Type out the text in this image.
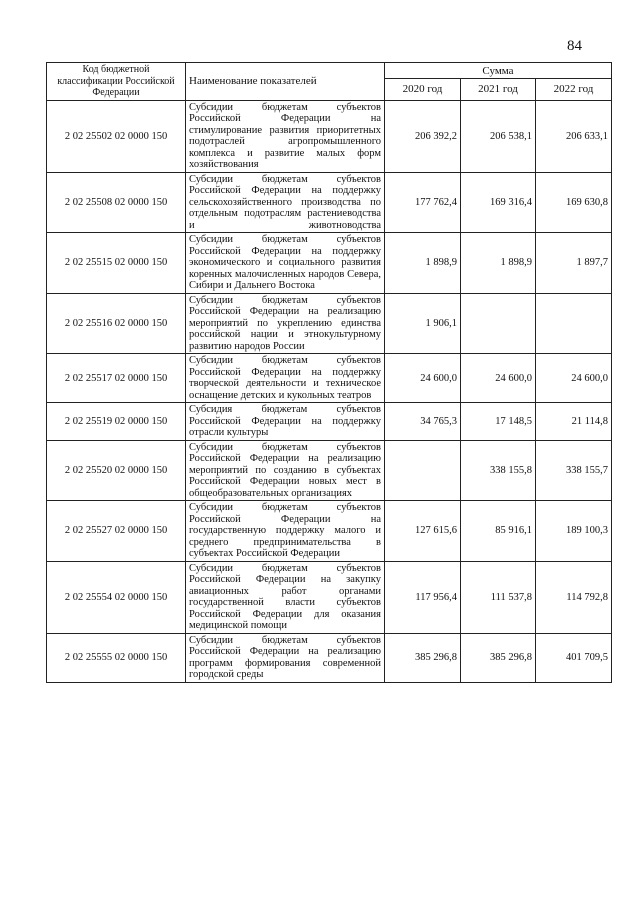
84
Код бюджетной классификации Российской Федерации	Наименование показателей	Сумма		
		2020 год	2021 год	2022 год
2 02 25502 02 0000 150	Субсидии бюджетам субъектов Российской Федерации на стимулирование развития приоритетных подотраслей агропромышленного комплекса и развитие малых форм хозяйствования	206 392,2	206 538,1	206 633,1
2 02 25508 02 0000 150	Субсидии бюджетам субъектов Российской Федерации на поддержку сельскохозяйственного производства по отдельным подотраслям растениеводства и животноводства	177 762,4	169 316,4	169 630,8
2 02 25515 02 0000 150	Субсидии бюджетам субъектов Российской Федерации на поддержку экономического и социального развития коренных малочисленных народов Севера, Сибири и Дальнего Востока	1 898,9	1 898,9	1 897,7
2 02 25516 02 0000 150	Субсидии бюджетам субъектов Российской Федерации на реализацию мероприятий по укреплению единства российской нации и этнокультурному развитию народов России	1 906,1		
2 02 25517 02 0000 150	Субсидии бюджетам субъектов Российской Федерации на поддержку творческой деятельности и техническое оснащение детских и кукольных театров	24 600,0	24 600,0	24 600,0
2 02 25519 02 0000 150	Субсидия бюджетам субъектов Российской Федерации на поддержку отрасли культуры	34 765,3	17 148,5	21 114,8
2 02 25520 02 0000 150	Субсидии бюджетам субъектов Российской Федерации на реализацию мероприятий по созданию в субъектах Российской Федерации новых мест в общеобразовательных организациях		338 155,8	338 155,7
2 02 25527 02 0000 150	Субсидии бюджетам субъектов Российской Федерации на государственную поддержку малого и среднего предпринимательства в субъектах Российской Федерации	127 615,6	85 916,1	189 100,3
2 02 25554 02 0000 150	Субсидии бюджетам субъектов Российской Федерации на закупку авиационных работ органами государственной власти субъектов Российской Федерации для оказания медицинской помощи	117 956,4	111 537,8	114 792,8
2 02 25555 02 0000 150	Субсидии бюджетам субъектов Российской Федерации на реализацию программ формирования современной городской среды	385 296,8	385 296,8	401 709,5
